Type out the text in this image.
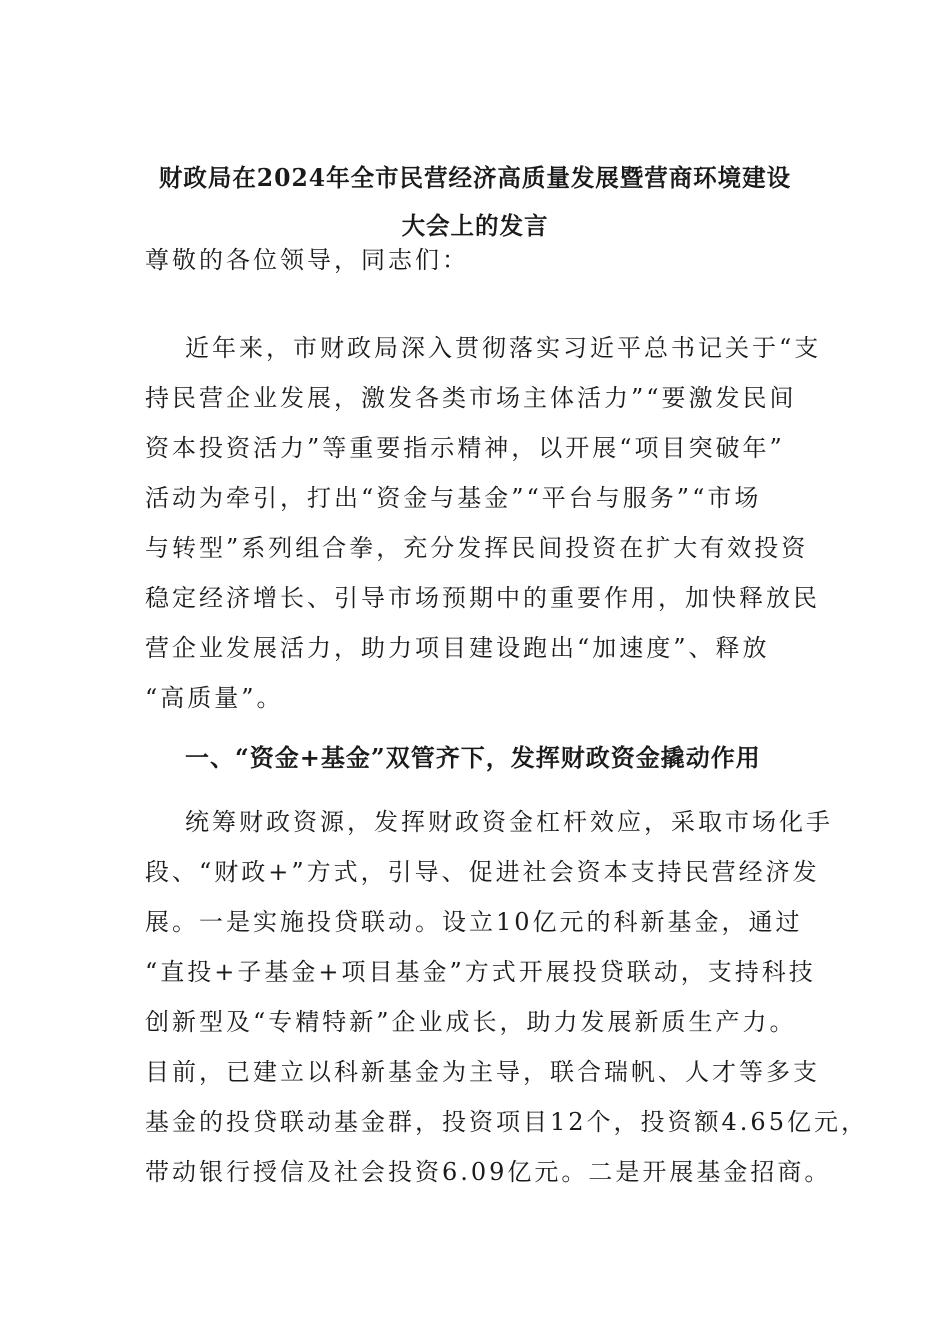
财政局在2024年全市民营经济高质量发展暨营商环境建设
大会上的发言
尊敬的各位领导，同志们：
近年来，市财政局深入贯彻落实习近平总书记关于“支
持民营企业发展，激发各类市场主体活力”“要激发民间
资本投资活力”等重要指示精神，以开展“项目突破年”
活动为牵引，打出“资金与基金”“平台与服务”“市场
与转型”系列组合拳，充分发挥民间投资在扩大有效投资
稳定经济增长、引导市场预期中的重要作用，加快释放民
营企业发展活力，助力项目建设跑出“加速度”、释放
“高质量”。
一、“资金+基金”双管齐下，发挥财政资金撬动作用
统筹财政资源，发挥财政资金杠杆效应，采取市场化手
段、“财政+”方式，引导、促进社会资本支持民营经济发
展。一是实施投贷联动。设立10亿元的科新基金，通过
“直投+子基金+项目基金”方式开展投贷联动，支持科技
创新型及“专精特新”企业成长，助力发展新质生产力。
目前，已建立以科新基金为主导，联合瑞帆、人才等多支
基金的投贷联动基金群，投资项目12个，投资额4.65亿元，
带动银行授信及社会投资6.09亿元。二是开展基金招商。
